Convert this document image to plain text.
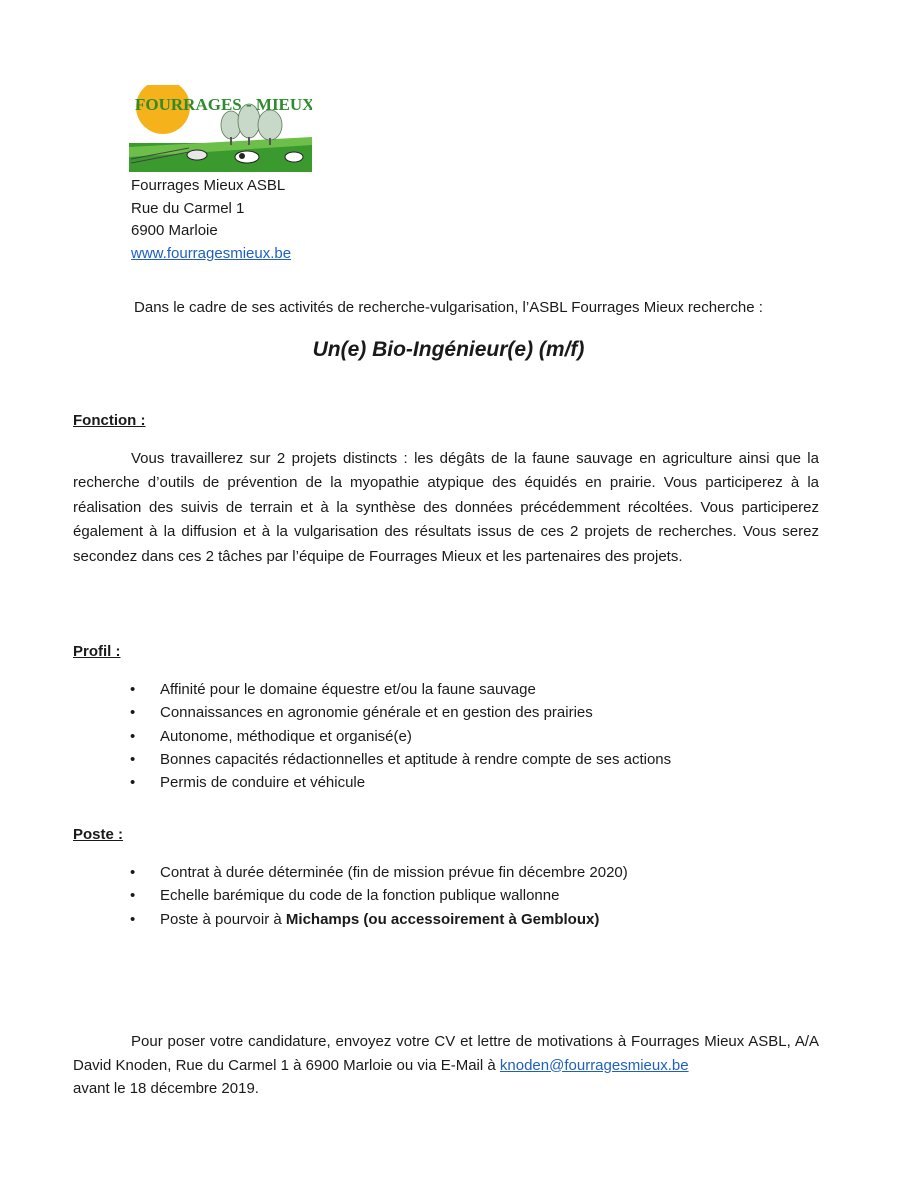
FOURRAGES - MIEUX
Fourrages Mieux ASBL
Rue du Carmel 1
6900 Marloie
www.fourragesmieux.be
Dans le cadre de ses activités de recherche-vulgarisation, l’ASBL Fourrages Mieux recherche :
Un(e) Bio-Ingénieur(e) (m/f)
Fonction :
Vous travaillerez sur 2 projets distincts : les dégâts de la faune sauvage en agriculture ainsi que la recherche d’outils de prévention de la myopathie atypique des équidés en prairie. Vous participerez à la réalisation des suivis de terrain et à la synthèse des données précédemment récoltées. Vous participerez également à la diffusion et à la vulgarisation des résultats issus de ces 2 projets de recherches. Vous serez secondez dans ces 2 tâches par l’équipe de Fourrages Mieux et les partenaires des projets.
Profil :
• Affinité pour le domaine équestre et/ou la faune sauvage
• Connaissances en agronomie générale et en gestion des prairies
• Autonome, méthodique et organisé(e)
• Bonnes capacités rédactionnelles et aptitude à rendre compte de ses actions
• Permis de conduire et véhicule
Poste :
• Contrat à durée déterminée (fin de mission prévue fin décembre 2020)
• Echelle barémique du code de la fonction publique wallonne
• Poste à pourvoir à Michamps (ou accessoirement à Gembloux)
Pour poser votre candidature, envoyez votre CV et lettre de motivations à Fourrages Mieux ASBL, A/A David Knoden, Rue du Carmel 1 à 6900 Marloie ou via E-Mail à knoden@fourragesmieux.be
avant le 18 décembre 2019.
